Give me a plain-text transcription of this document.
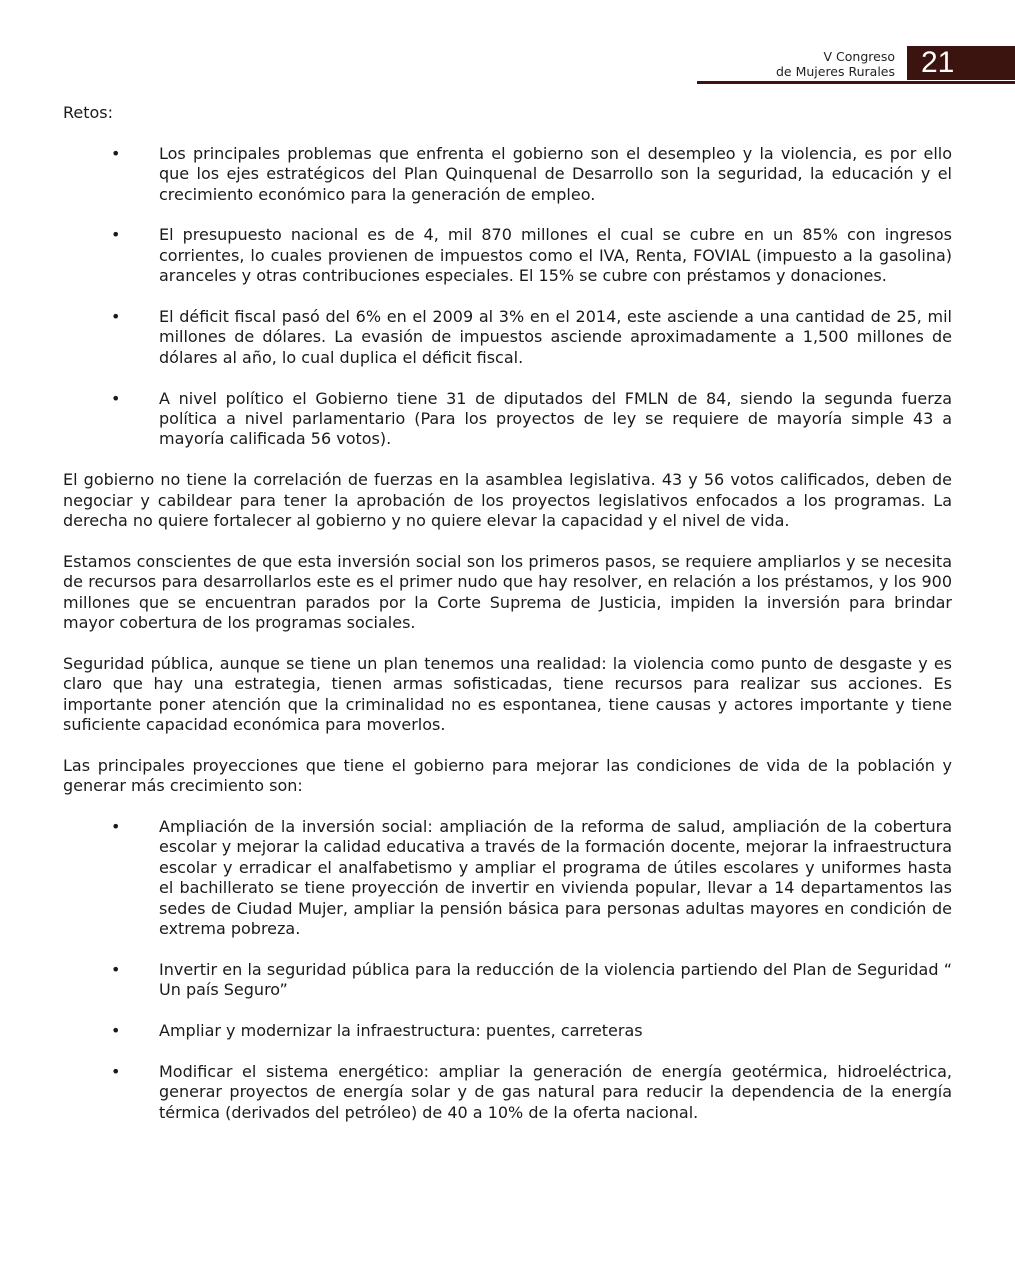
V Congreso
de Mujeres Rurales 21
Retos:
• Los principales problemas que enfrenta el gobierno son el desempleo y la violencia, es por ello que los ejes estratégicos del Plan Quinquenal de Desarrollo son la seguridad, la educación y el crecimiento económico para la generación de empleo.
• El presupuesto nacional es de 4, mil 870 millones el cual se cubre en un 85% con ingresos corrientes, lo cuales provienen de impuestos como el IVA, Renta, FOVIAL (impuesto a la gasolina) aranceles y otras contribuciones especiales. El 15% se cubre con préstamos y donaciones.
• El déficit fiscal pasó del 6% en el 2009 al 3% en el 2014, este asciende a una cantidad de 25, mil millones de dólares. La evasión de impuestos asciende aproximadamente a 1,500 millones de dólares al año, lo cual duplica el déficit fiscal.
• A nivel político el Gobierno tiene 31 de diputados del FMLN de 84, siendo la segunda fuerza política a nivel parlamentario (Para los proyectos de ley se requiere de mayoría simple 43 a mayoría calificada 56 votos).

El gobierno no tiene la correlación de fuerzas en la asamblea legislativa. 43 y 56 votos calificados, deben de negociar y cabildear para tener la aprobación de los proyectos legislativos enfocados a los programas. La derecha no quiere fortalecer al gobierno y no quiere elevar la capacidad y el nivel de vida.

Estamos conscientes de que esta inversión social son los primeros pasos, se requiere ampliarlos y se necesita de recursos para desarrollarlos este es el primer nudo que hay resolver, en relación a los préstamos, y los 900 millones que se encuentran parados por la Corte Suprema de Justicia, impiden la inversión para brindar mayor cobertura de los programas sociales.

Seguridad pública, aunque se tiene un plan tenemos una realidad: la violencia como punto de desgaste y es claro que hay una estrategia, tienen armas sofisticadas, tiene recursos para realizar sus acciones. Es importante poner atención que la criminalidad no es espontanea, tiene causas y actores importante y tiene suficiente capacidad económica para moverlos.

Las principales proyecciones que tiene el gobierno para mejorar las condiciones de vida de la población y generar más crecimiento son:

• Ampliación de la inversión social: ampliación de la reforma de salud, ampliación de la cobertura escolar y mejorar la calidad educativa a través de la formación docente, mejorar la infraestructura escolar y erradicar el analfabetismo y ampliar el programa de útiles escolares y uniformes hasta el bachillerato se tiene proyección de invertir en vivienda popular, llevar a 14 departamentos las sedes de Ciudad Mujer, ampliar la pensión básica para personas adultas mayores en condición de extrema pobreza.
• Invertir en la seguridad pública para la reducción de la violencia partiendo del Plan de Seguridad “ Un país Seguro”
• Ampliar y modernizar la infraestructura: puentes, carreteras
• Modificar el sistema energético: ampliar la generación de energía geotérmica, hidroeléctrica, generar proyectos de energía solar y de gas natural para reducir la dependencia de la energía térmica (derivados del petróleo) de 40 a 10% de la oferta nacional.
